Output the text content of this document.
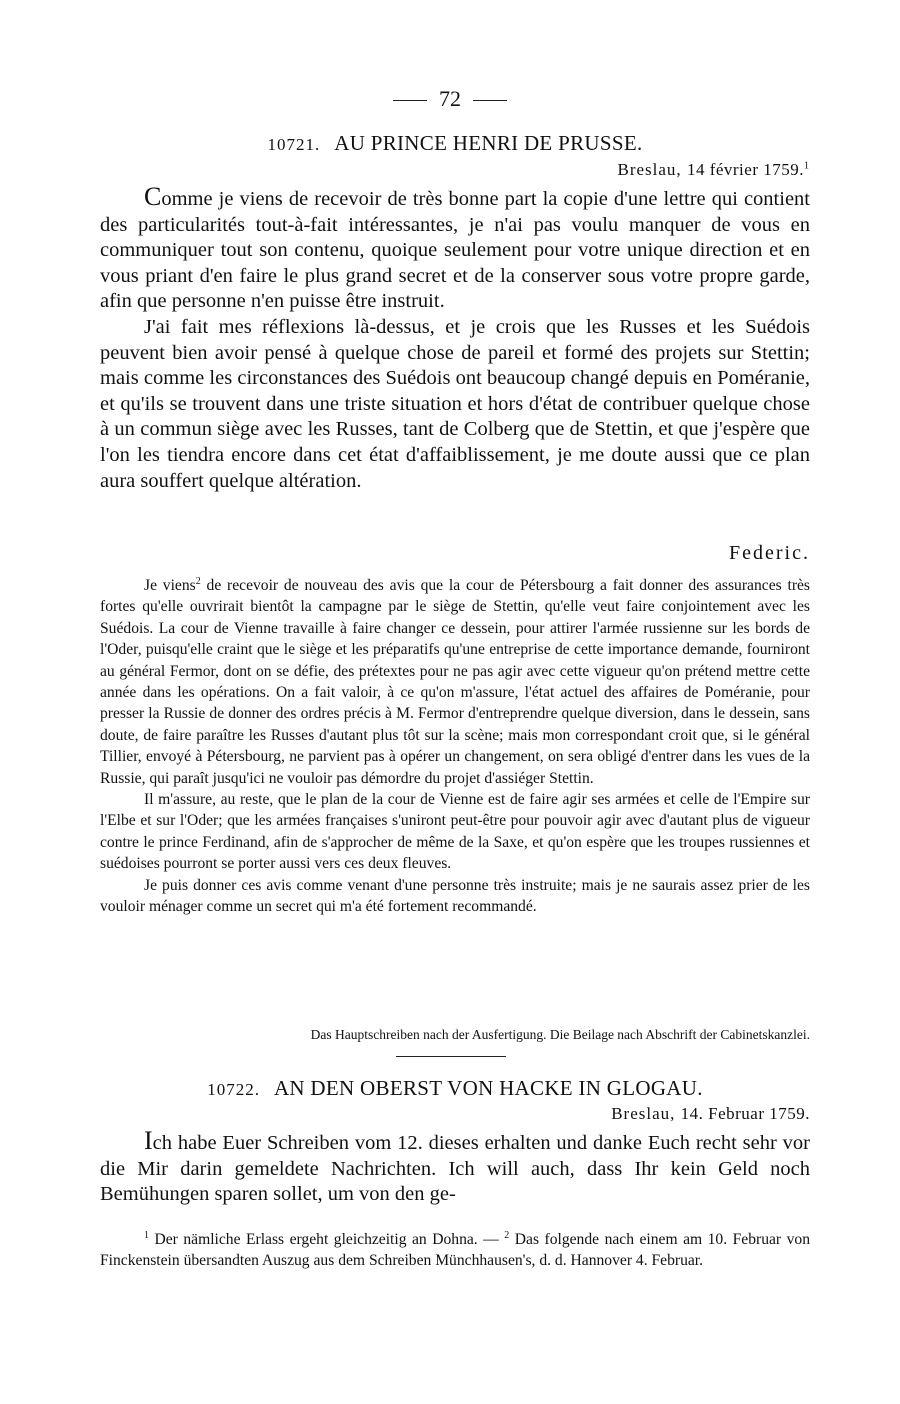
72
10721. AU PRINCE HENRI DE PRUSSE.
Breslau, 14 février 1759.$^1$

Comme je viens de recevoir de très bonne part la copie d'une lettre qui contient des particularités tout-à-fait intéressantes, je n'ai pas voulu manquer de vous en communiquer tout son contenu, quoique seulement pour votre unique direction et en vous priant d'en faire le plus grand secret et de la conserver sous votre propre garde, afin que personne n'en puisse être instruit.

J'ai fait mes réflexions là-dessus, et je crois que les Russes et les Suédois peuvent bien avoir pensé à quelque chose de pareil et formé des projets sur Stettin; mais comme les circonstances des Suédois ont beaucoup changé depuis en Poméranie, et qu'ils se trouvent dans une triste situation et hors d'état de contribuer quelque chose à un commun siège avec les Russes, tant de Colberg que de Stettin, et que j'espère que l'on les tiendra encore dans cet état d'affaiblissement, je me doute aussi que ce plan aura souffert quelque altération.

Federic.

Je viens$^2$ de recevoir de nouveau des avis que la cour de Pétersbourg a fait donner des assurances très fortes qu'elle ouvrirait bientôt la campagne par le siège de Stettin, qu'elle veut faire conjointement avec les Suédois. La cour de Vienne travaille à faire changer ce dessein, pour attirer l'armée russienne sur les bords de l'Oder, puisqu'elle craint que le siège et les préparatifs qu'une entreprise de cette importance demande, fourniront au général Fermor, dont on se défie, des prétextes pour ne pas agir avec cette vigueur qu'on prétend mettre cette année dans les opérations. On a fait valoir, à ce qu'on m'assure, l'état actuel des affaires de Poméranie, pour presser la Russie de donner des ordres précis à M. Fermor d'entreprendre quelque diversion, dans le dessein, sans doute, de faire paraître les Russes d'autant plus tôt sur la scène; mais mon correspondant croit que, si le général Tillier, envoyé à Pétersbourg, ne parvient pas à opérer un changement, on sera obligé d'entrer dans les vues de la Russie, qui paraît jusqu'ici ne vouloir pas démordre du projet d'assiéger Stettin.

Il m'assure, au reste, que le plan de la cour de Vienne est de faire agir ses armées et celle de l'Empire sur l'Elbe et sur l'Oder; que les armées françaises s'uniront peut-être pour pouvoir agir avec d'autant plus de vigueur contre le prince Ferdinand, afin de s'approcher de même de la Saxe, et qu'on espère que les troupes russiennes et suédoises pourront se porter aussi vers ces deux fleuves.

Je puis donner ces avis comme venant d'une personne très instruite; mais je ne saurais assez prier de les vouloir ménager comme un secret qui m'a été fortement recommandé.

Das Hauptschreiben nach der Ausfertigung. Die Beilage nach Abschrift der Cabinetskanzlei.
10722. AN DEN OBERST VON HACKE IN GLOGAU.
Breslau, 14. Februar 1759.

Ich habe Euer Schreiben vom 12. dieses erhalten und danke Euch recht sehr vor die Mir darin gemeldete Nachrichten. Ich will auch, dass Ihr kein Geld noch Bemühungen sparen sollet, um von den ge-

$^1$ Der nämliche Erlass ergeht gleichzeitig an Dohna. — $^2$ Das folgende nach einem am 10. Februar von Finckenstein übersandten Auszug aus dem Schreiben Münchhausen's, d. d. Hannover 4. Februar.
